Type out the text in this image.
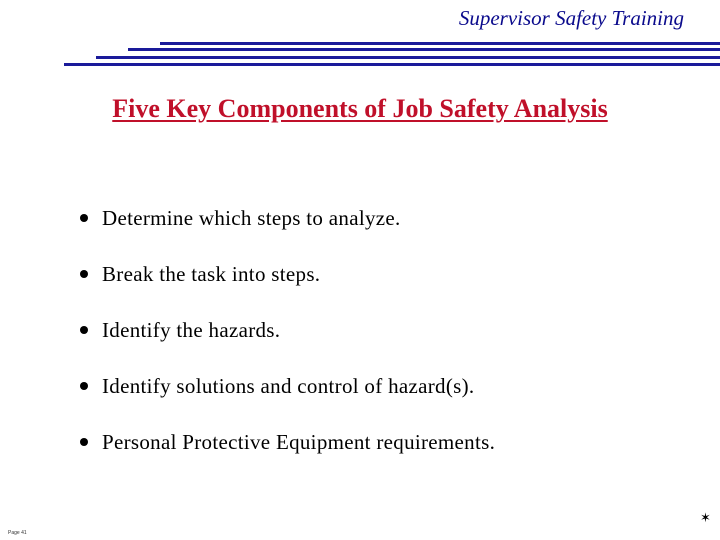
Supervisor Safety Training
Five Key Components of Job Safety Analysis
Determine which steps to analyze.
Break the task into steps.
Identify the hazards.
Identify solutions and control of hazard(s).
Personal Protective Equipment requirements.
Page 41
✶
